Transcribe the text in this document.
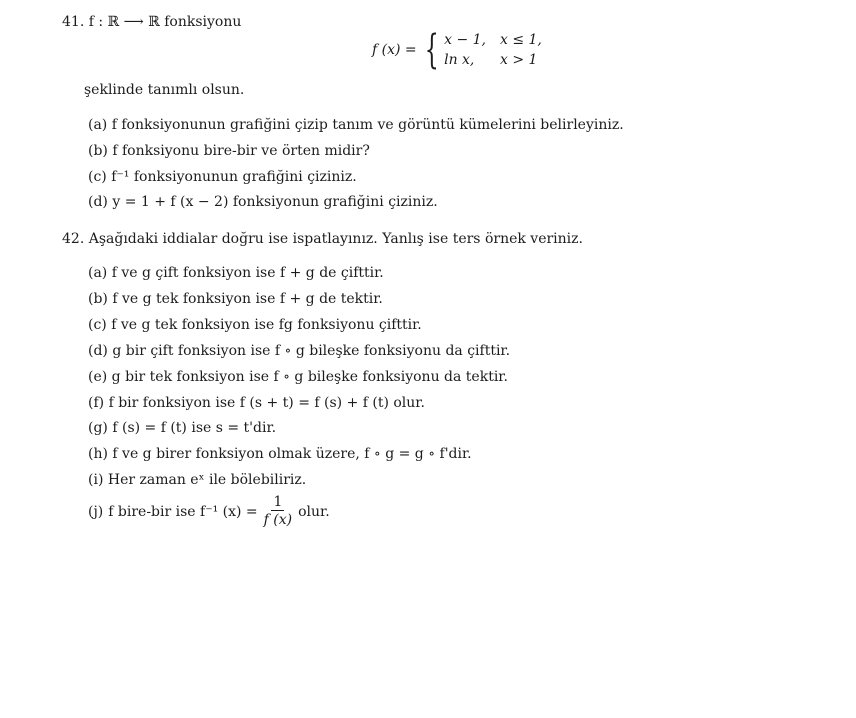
41. f : ℝ ⟶ ℝ fonksiyonu
f (x) = { x − 1, x ≤ 1,
ln x,	x > 1
şeklinde tanımlı olsun.
(a) f fonksiyonunun grafiğini çizip tanım ve görüntü kümelerini belirleyiniz.
(b) f fonksiyonu bire-bir ve örten midir?
(c) f⁻¹ fonksiyonunun grafiğini çiziniz.
(d) y = 1 + f (x − 2) fonksiyonun grafiğini çiziniz.
42. Aşağıdaki iddialar doğru ise ispatlayınız. Yanlış ise ters örnek veriniz.
(a) f ve g çift fonksiyon ise f + g de çifttir.
(b) f ve g tek fonksiyon ise f + g de tektir.
(c) f ve g tek fonksiyon ise fg fonksiyonu çifttir.
(d) g bir çift fonksiyon ise f ∘ g bileşke fonksiyonu da çifttir.
(e) g bir tek fonksiyon ise f ∘ g bileşke fonksiyonu da tektir.
(f) f bir fonksiyon ise f (s + t) = f (s) + f (t) olur.
(g) f (s) = f (t) ise s = t'dir.
(h) f ve g birer fonksiyon olmak üzere, f ∘ g = g ∘ f'dir.
(i) Her zaman eˣ ile bölebiliriz.
(j) f bire-bir ise f⁻¹ $(x) = \frac{1}{f (x)}$ olur.
